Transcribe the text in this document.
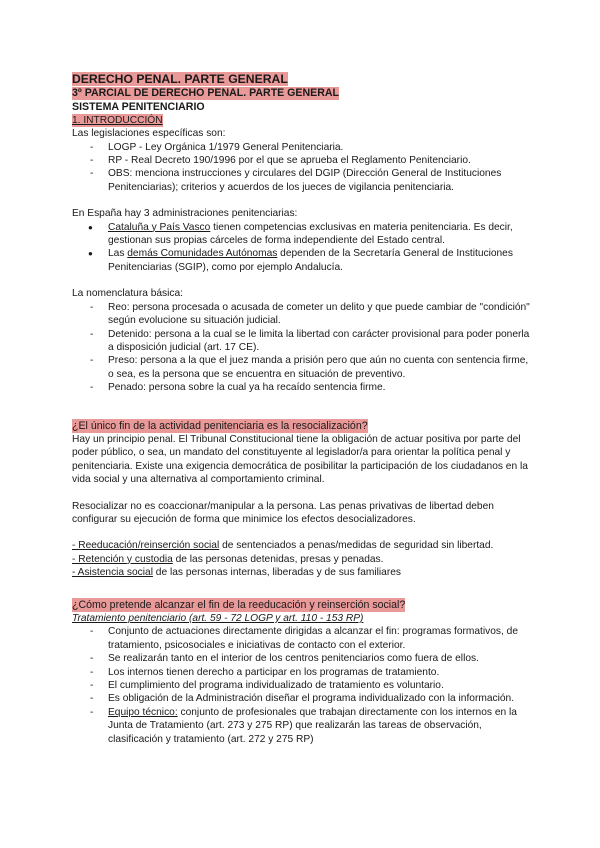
DERECHO PENAL. PARTE GENERAL
3º PARCIAL DE DERECHO PENAL. PARTE GENERAL
SISTEMA PENITENCIARIO
1. INTRODUCCIÓN

Las legislaciones específicas son:

- LOGP - Ley Orgánica 1/1979 General Penitenciaria.
- RP - Real Decreto 190/1996 por el que se aprueba el Reglamento Penitenciario.
- OBS: menciona instrucciones y circulares del DGIP (Dirección General de Instituciones Penitenciarias); criterios y acuerdos de los jueces de vigilancia penitenciaria.

En España hay 3 administraciones penitenciarias:

● Cataluña y País Vasco tienen competencias exclusivas en materia penitenciaria. Es decir, gestionan sus propias cárceles de forma independiente del Estado central.
● Las demás Comunidades Autónomas dependen de la Secretaría General de Instituciones Penitenciarias (SGIP), como por ejemplo Andalucía.

La nomenclatura básica:

- Reo: persona procesada o acusada de cometer un delito y que puede cambiar de "condición" según evolucione su situación judicial.
- Detenido: persona a la cual se le limita la libertad con carácter provisional para poder ponerla a disposición judicial (art. 17 CE).
- Preso: persona a la que el juez manda a prisión pero que aún no cuenta con sentencia firme, o sea, es la persona que se encuentra en situación de preventivo.
- Penado: persona sobre la cual ya ha recaído sentencia firme.
¿El único fin de la actividad penitenciaria es la resocialización?

Hay un principio penal. El Tribunal Constitucional tiene la obligación de actuar positiva por parte del poder público, o sea, un mandato del constituyente al legislador/a para orientar la política penal y penitenciaria. Existe una exigencia democrática de posibilitar la participación de los ciudadanos en la vida social y una alternativa al comportamiento criminal.

Resocializar no es coaccionar/manipular a la persona. Las penas privativas de libertad deben configurar su ejecución de forma que minimice los efectos desocializadores.

- Reeducación/reinserción social de sentenciados a penas/medidas de seguridad sin libertad.
- Retención y custodia de las personas detenidas, presas y penadas.
- Asistencia social de las personas internas, liberadas y de sus familiares
¿Cómo pretende alcanzar el fin de la reeducación y reinserción social?
Tratamiento penitenciario (art. 59 - 72 LOGP y art. 110 - 153 RP)
- Conjunto de actuaciones directamente dirigidas a alcanzar el fin: programas formativos, de tratamiento, psicosociales e iniciativas de contacto con el exterior.
- Se realizarán tanto en el interior de los centros penitenciarios como fuera de ellos.
- Los internos tienen derecho a participar en los programas de tratamiento.
- El cumplimiento del programa individualizado de tratamiento es voluntario.
- Es obligación de la Administración diseñar el programa individualizado con la información.
- Equipo técnico: conjunto de profesionales que trabajan directamente con los internos en la Junta de Tratamiento (art. 273 y 275 RP) que realizarán las tareas de observación, clasificación y tratamiento (art. 272 y 275 RP)
